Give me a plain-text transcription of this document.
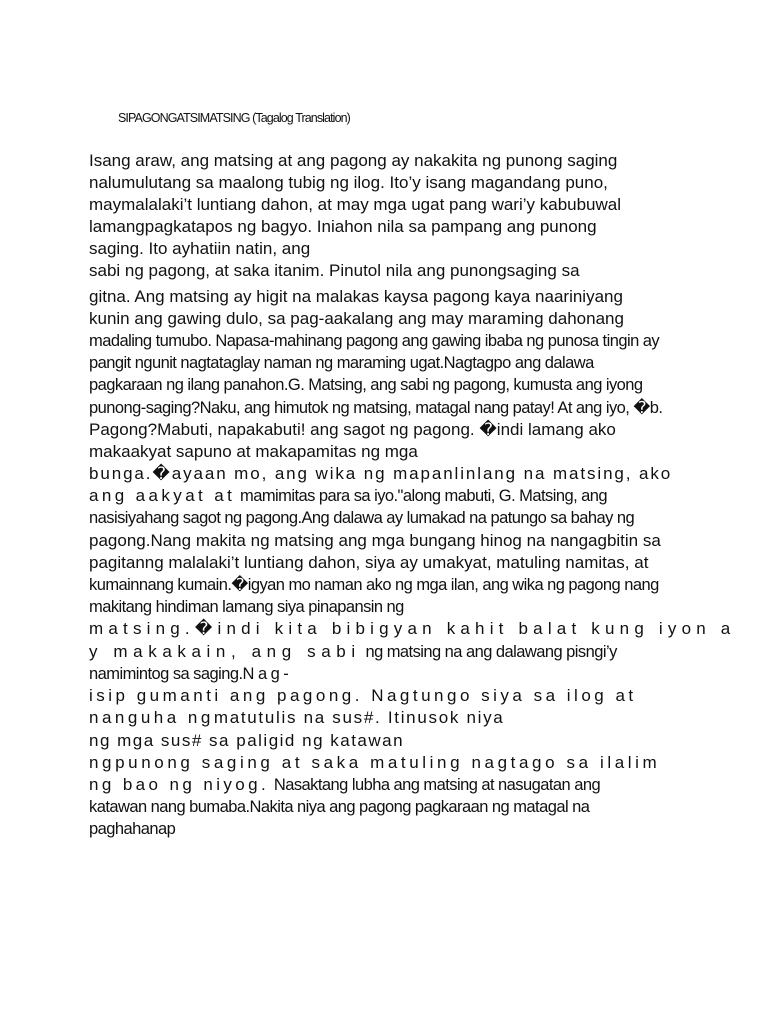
SIPAGONGATSIMATSING (Tagalog Translation)
Isang araw, ang matsing at ang pagong ay nakakita ng punong saging
nalumulutang sa maalong tubig ng ilog. Ito’y isang magandang puno,
maymalalaki’t luntiang dahon, at may mga ugat pang wari’y kabubuwal
lamangpagkatapos ng bagyo. Iniahon nila sa pampang ang punong
saging. Ito ayhatiin natin, ang
sabi ng pagong, at saka itanim. Pinutol nila ang punongsaging sa
gitna. Ang matsing ay higit na malakas kaysa pagong kaya naariniyang
kunin ang gawing dulo, sa pag-aakalang ang may maraming dahonang
madaling tumubo. Napasa-mahinang pagong ang gawing ibaba ng punosa tingin ay
pangit ngunit nagtataglay naman ng maraming ugat.Nagtagpo ang dalawa
pagkaraan ng ilang panahon.G. Matsing, ang sabi ng pagong, kumusta ang iyong
punong-saging?Naku, ang himutok ng matsing, matagal nang patay! At ang iyo, �b.
Pagong?Mabuti, napakabuti! ang sagot ng pagong. �indi lamang ako
makaakyat sapuno at makapamitas ng mga
bunga.�ayaan mo, ang wika ng mapanlinlang na matsing, ako
ang aakyat at mamimitas para sa iyo."along mabuti, G. Matsing, ang
nasisiyahang sagot ng pagong.Ang dalawa ay lumakad na patungo sa bahay ng
pagong.Nang makita ng matsing ang mga bungang hinog na nangagbitin sa
pagitanng malalaki’t luntiang dahon, siya ay umakyat, matuling namitas, at
kumainnang kumain.�igyan mo naman ako ng mga ilan, ang wika ng pagong nang
makitang hindiman lamang siya pinapansin ng
matsing.�indi kita bibigyan kahit balat kung iyon a
y makakain, ang sabi ng matsing na ang dalawang pisngi’y
namimintog sa saging.N a g -
isip gumanti ang pagong. Nagtungo siya sa ilog at
nanguha ngmatutulis na sus#. Itinusok niya
ng mga sus# sa paligid ng katawan
ngpunong saging at saka matuling nagtago sa ilalim
ng bao ng niyog. Nasaktang lubha ang matsing at nasugatan ang
katawan nang bumaba.Nakita niya ang pagong pagkaraan ng matagal na
paghahanap
